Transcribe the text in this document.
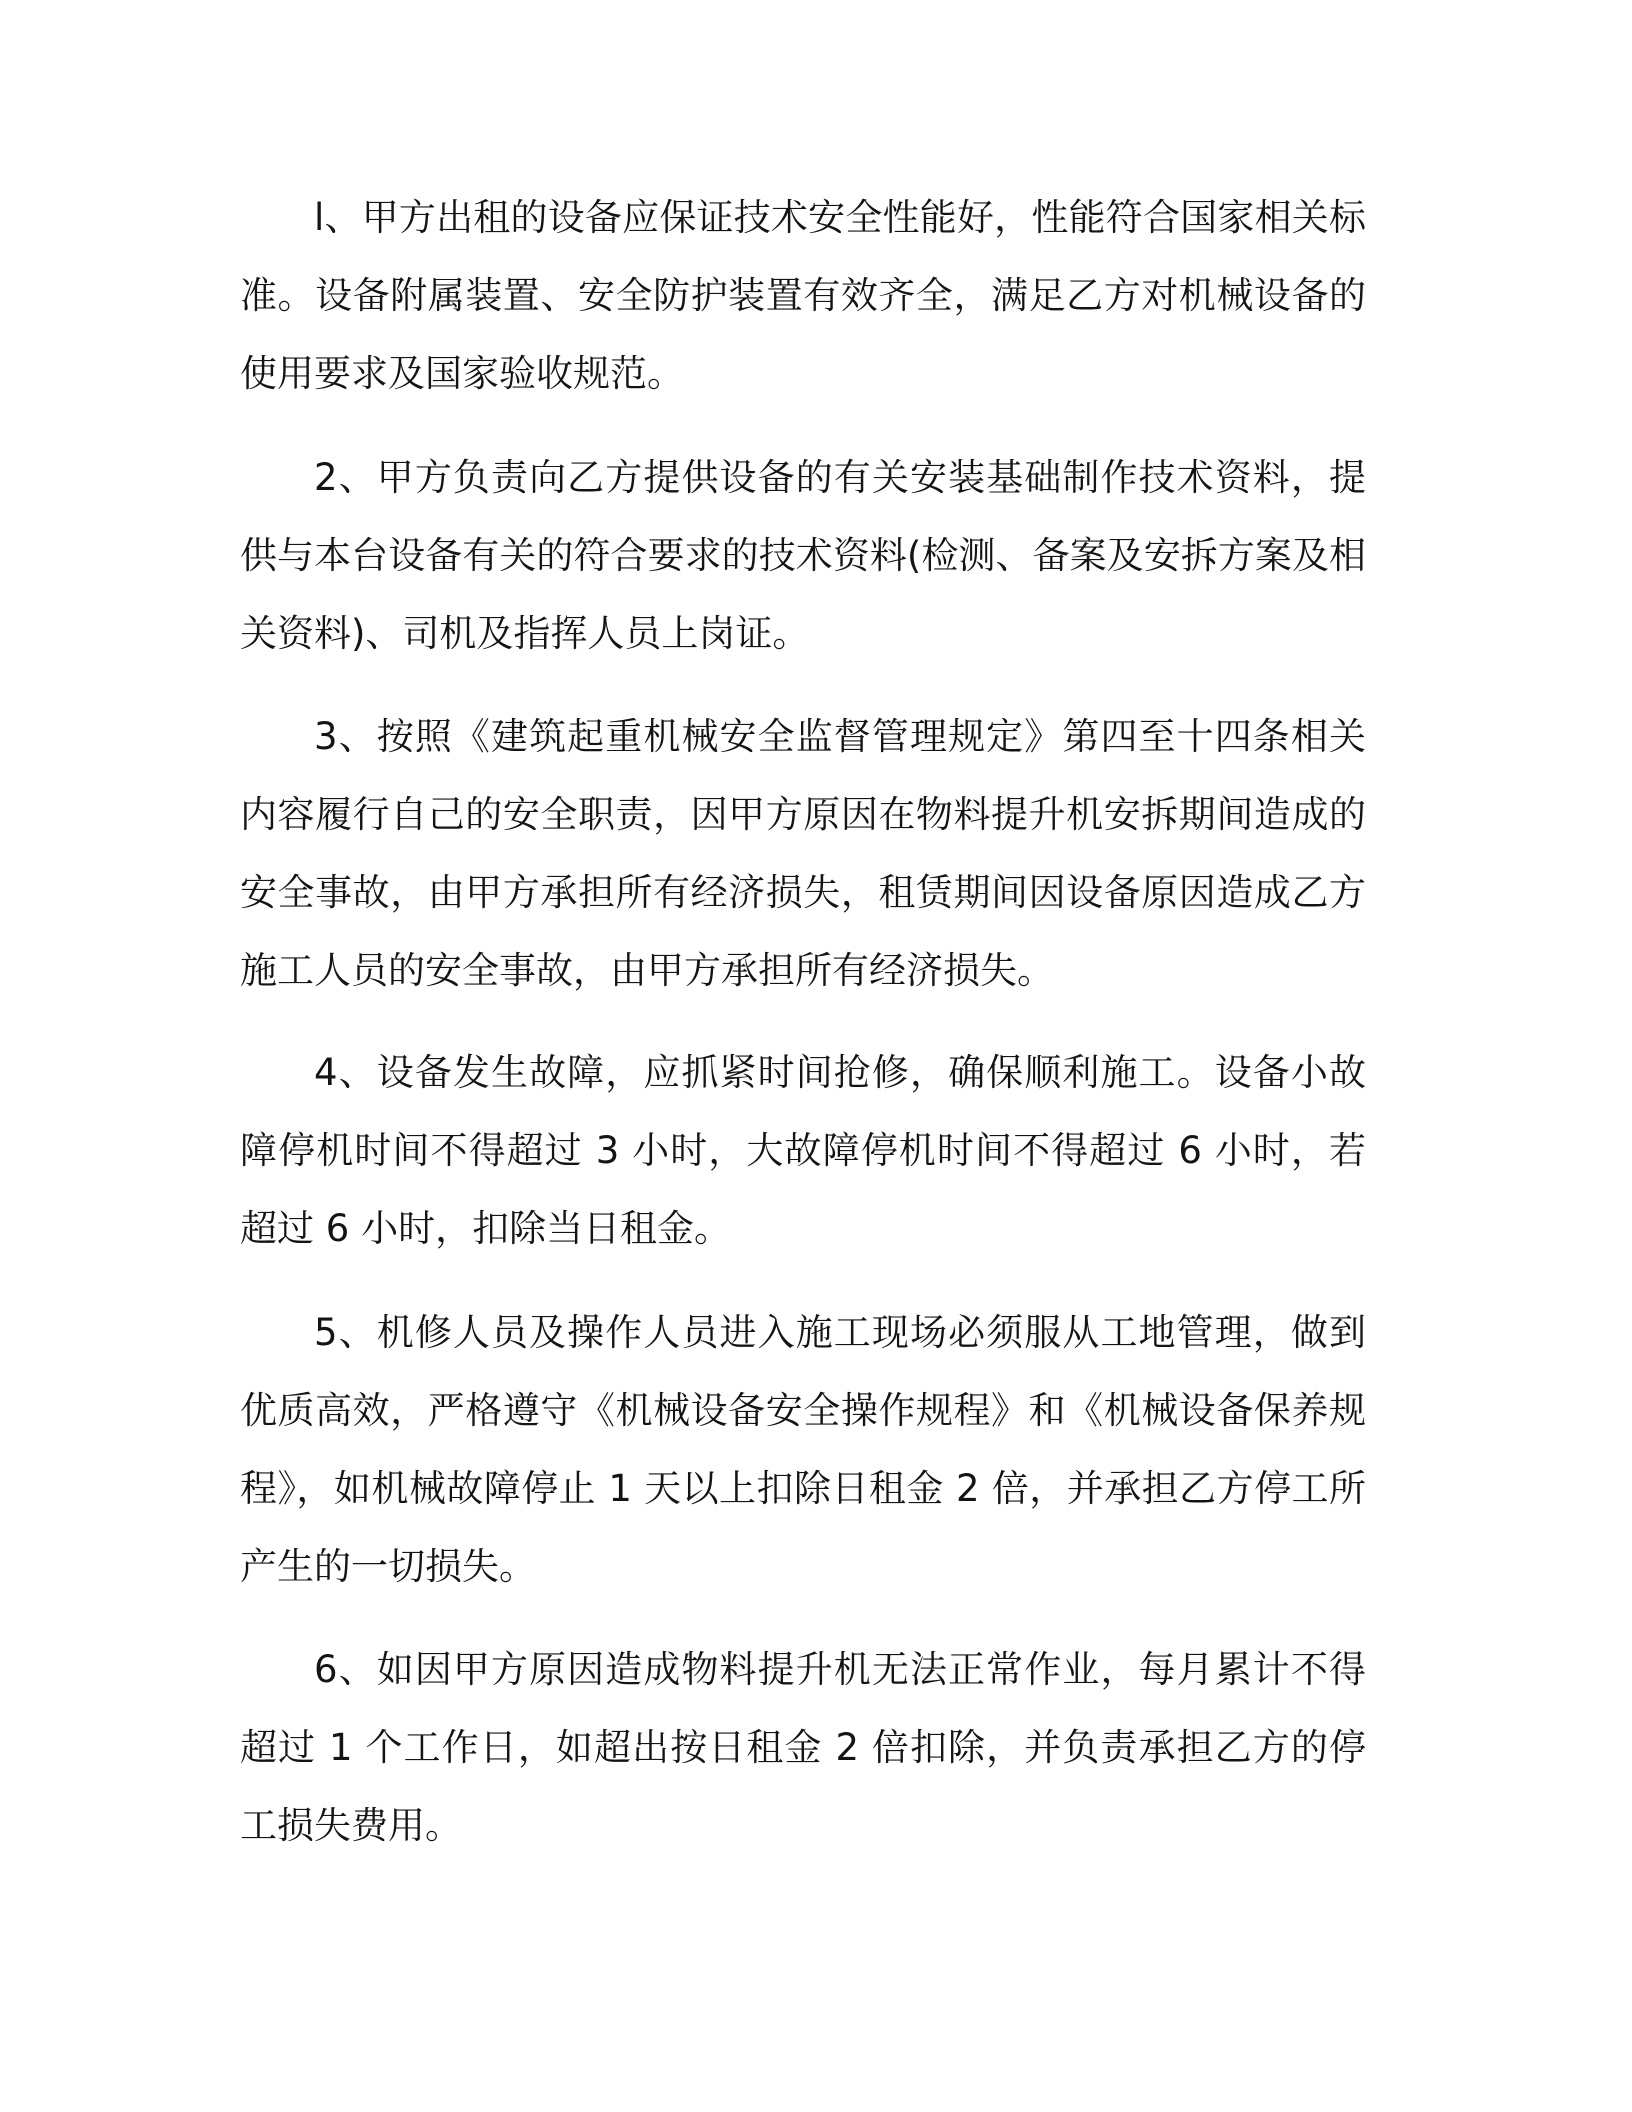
l、甲方出租的设备应保证技术安全性能好，性能符合国家相关标准。设备附属装置、安全防护装置有效齐全，满足乙方对机械设备的使用要求及国家验收规范。

2、甲方负责向乙方提供设备的有关安装基础制作技术资料，提供与本台设备有关的符合要求的技术资料(检测、备案及安拆方案及相关资料)、司机及指挥人员上岗证。

3、按照《建筑起重机械安全监督管理规定》第四至十四条相关内容履行自己的安全职责，因甲方原因在物料提升机安拆期间造成的安全事故，由甲方承担所有经济损失，租赁期间因设备原因造成乙方施工人员的安全事故，由甲方承担所有经济损失。

4、设备发生故障，应抓紧时间抢修，确保顺利施工。设备小故障停机时间不得超过 3 小时，大故障停机时间不得超过 6 小时，若超过 6 小时，扣除当日租金。

5、机修人员及操作人员进入施工现场必须服从工地管理，做到优质高效，严格遵守《机械设备安全操作规程》和《机械设备保养规程》，如机械故障停止 1 天以上扣除日租金 2 倍，并承担乙方停工所产生的一切损失。

6、如因甲方原因造成物料提升机无法正常作业，每月累计不得超过 1 个工作日，如超出按日租金 2 倍扣除，并负责承担乙方的停工损失费用。
